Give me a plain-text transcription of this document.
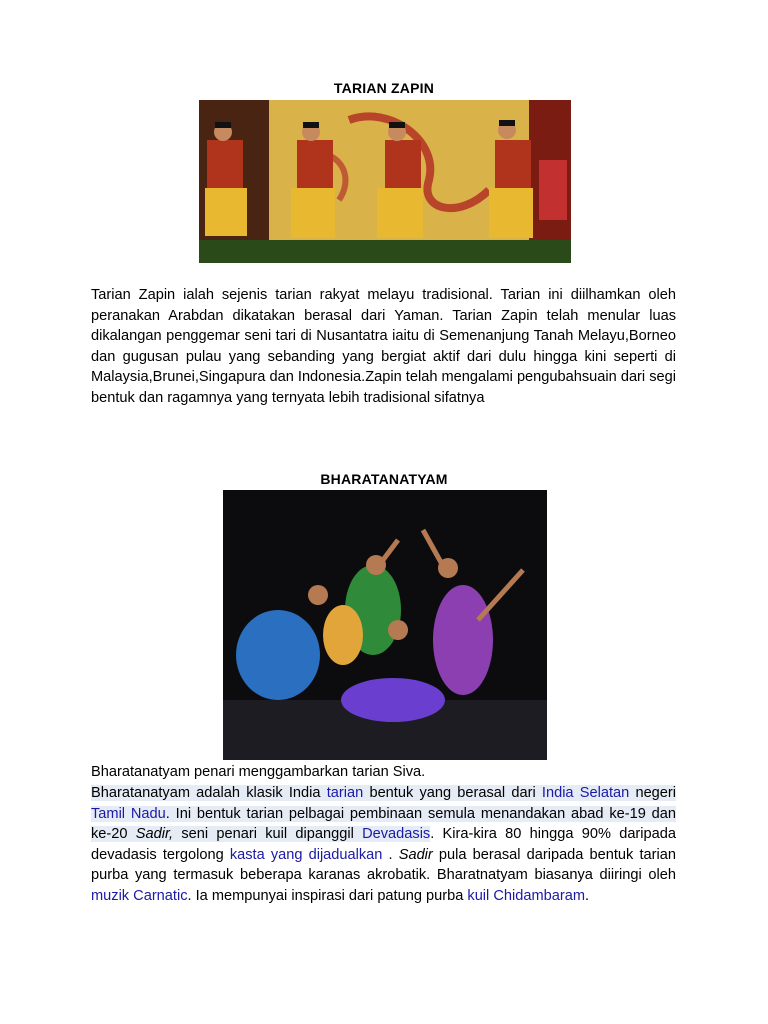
TARIAN ZAPIN
Tarian Zapin ialah sejenis tarian rakyat melayu tradisional. Tarian ini diilhamkan oleh peranakan Arabdan dikatakan berasal dari Yaman. Tarian Zapin telah menular luas dikalangan penggemar seni tari di Nusantatra iaitu di Semenanjung Tanah Melayu,Borneo dan gugusan pulau yang sebanding yang bergiat aktif dari dulu hingga kini seperti di Malaysia,Brunei,Singapura dan Indonesia.Zapin telah mengalami pengubahsuain dari segi bentuk dan ragamnya yang ternyata lebih tradisional sifatnya
BHARATANATYAM
Bharatanatyam penari menggambarkan tarian Siva.
Bharatanatyam adalah klasik India tarian bentuk yang berasal dari India Selatan negeri Tamil Nadu. Ini bentuk tarian pelbagai pembinaan semula menandakan abad ke-19 dan ke-20 Sadir, seni penari kuil dipanggil Devadasis. Kira-kira 80 hingga 90% daripada devadasis tergolong kasta yang dijadualkan . Sadir pula berasal daripada bentuk tarian purba yang termasuk beberapa karanas akrobatik. Bharatnatyam biasanya diiringi oleh muzik Carnatic. Ia mempunyai inspirasi dari patung purba kuil Chidambaram.
